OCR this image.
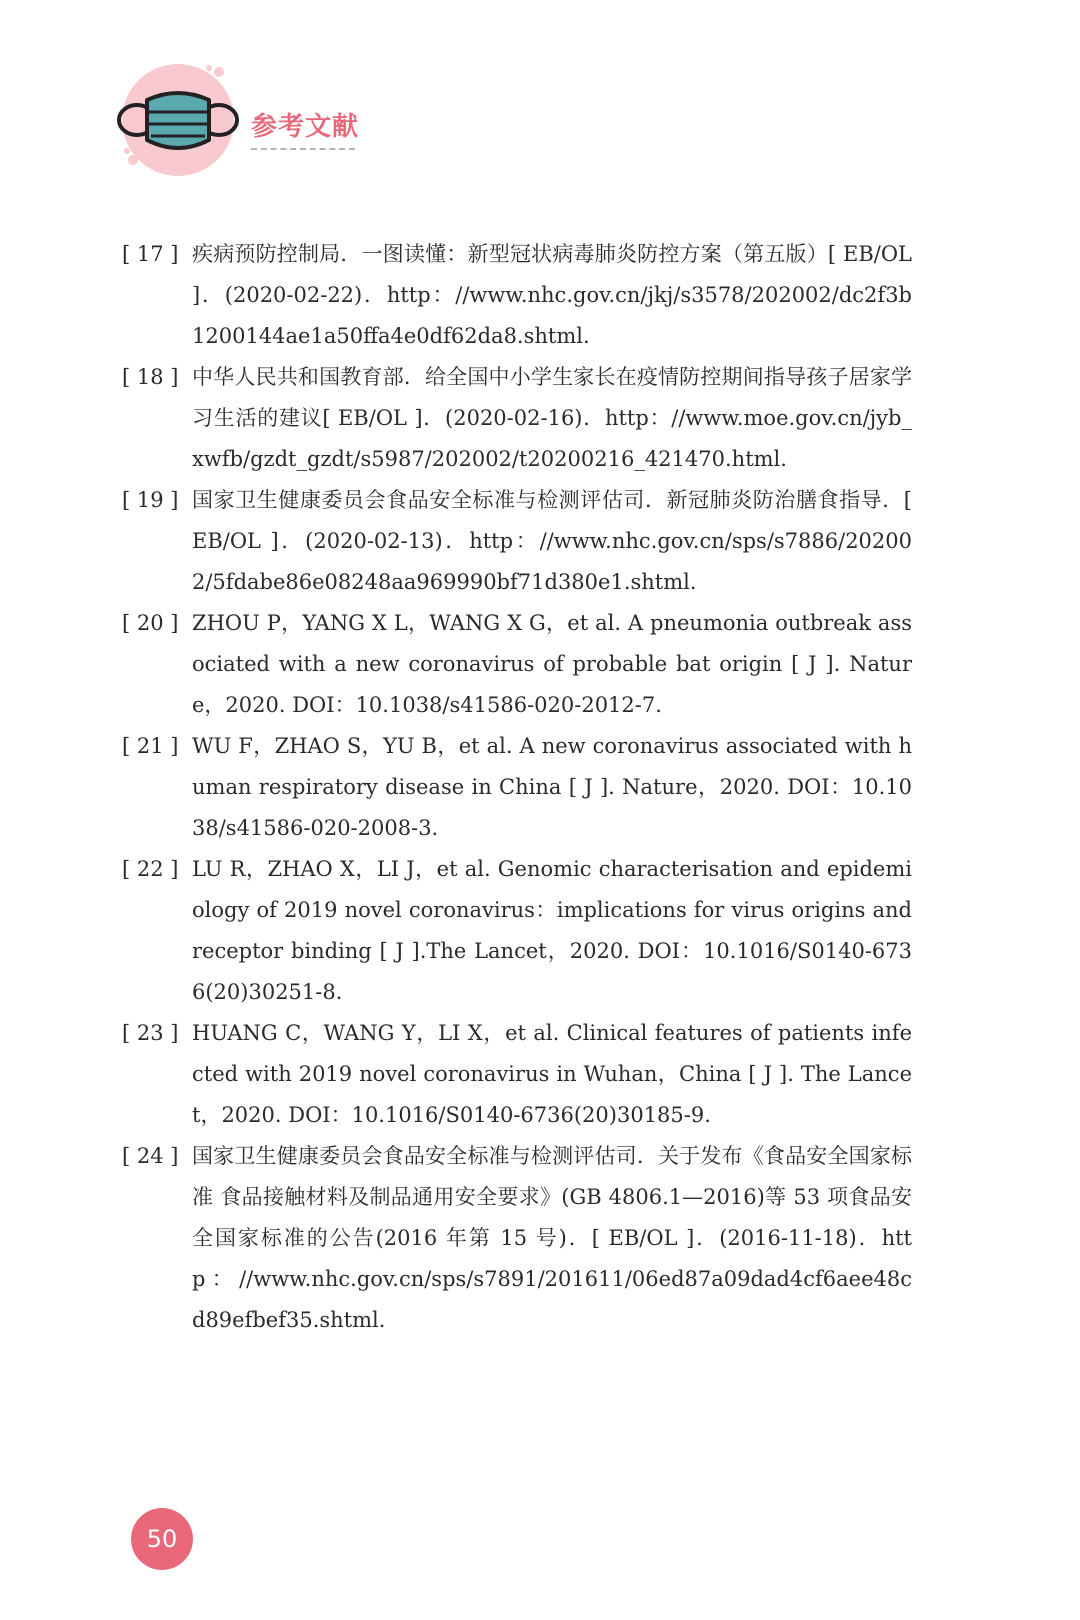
参考文献
[ 17 ] 疾病预防控制局．一图读懂：新型冠状病毒肺炎防控方案（第五版）[ EB/OL ]．(2020-02-22)．http：//www.nhc.gov.cn/jkj/s3578/202002/dc2f3b1200144ae1a50ffa4e0df62da8.shtml.
[ 18 ] 中华人民共和国教育部．给全国中小学生家长在疫情防控期间指导孩子居家学习生活的建议[ EB/OL ]．(2020-02-16)．http：//www.moe.gov.cn/jyb_xwfb/gzdt_gzdt/s5987/202002/t20200216_421470.html.
[ 19 ] 国家卫生健康委员会食品安全标准与检测评估司．新冠肺炎防治膳食指导．[ EB/OL ]．(2020-02-13)．http：//www.nhc.gov.cn/sps/s7886/202002/5fdabe86e08248aa969990bf71d380e1.shtml.
[ 20 ] ZHOU P，YANG X L，WANG X G，et al. A pneumonia outbreak associated with a new coronavirus of probable bat origin [ J ]. Nature，2020. DOI：10.1038/s41586-020-2012-7.
[ 21 ] WU F，ZHAO S，YU B，et al. A new coronavirus associated with human respiratory disease in China [ J ]. Nature，2020. DOI：10.1038/s41586-020-2008-3.
[ 22 ] LU R，ZHAO X，LI J，et al. Genomic characterisation and epidemiology of 2019 novel coronavirus：implications for virus origins and receptor binding [ J ].The Lancet，2020. DOI：10.1016/S0140-6736(20)30251-8.
[ 23 ] HUANG C，WANG Y，LI X，et al. Clinical features of patients infected with 2019 novel coronavirus in Wuhan，China [ J ]. The Lancet，2020. DOI：10.1016/S0140-6736(20)30185-9.
[ 24 ] 国家卫生健康委员会食品安全标准与检测评估司．关于发布《食品安全国家标准 食品接触材料及制品通用安全要求》(GB 4806.1—2016)等 53 项食品安全国家标准的公告(2016 年第 15 号)．[ EB/OL ]．(2016-11-18)．http：//www.nhc.gov.cn/sps/s7891/201611/06ed87a09dad4cf6aee48cd89efbef35.shtml.
50
